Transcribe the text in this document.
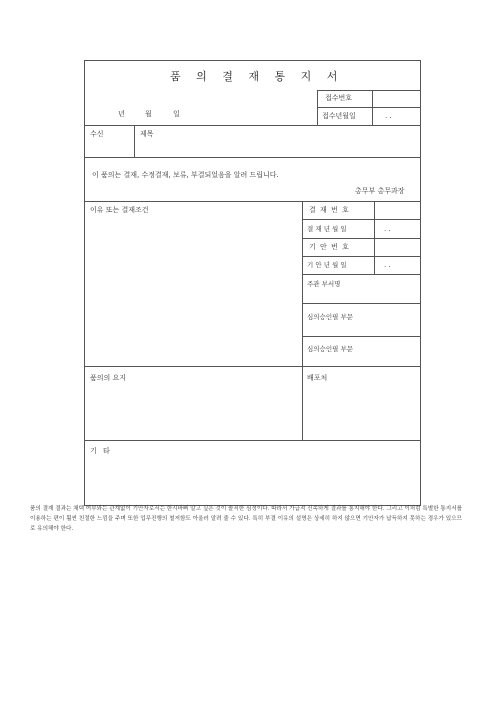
품 의 결 재 통 지 서
년	월	일
접수번호
접수년월일	. .
수신	제목
이 품의는 결재, 수정결재, 보류, 부결되었음을 알려 드립니다.
총무부 총무과장
이유 또는 결재조건	결 재 번 호
결 재 년 월 일	. .
기 안 번 호
기 안 년 월 일	. .
주관 부서명
심의승인필 부문
심의승인필 부문
품의의 요지	배포처
기 타
품의 결재 결과는 채택 여부와는 관계없이 기안자로서는 한시바삐 알고 싶은 것이 솔직한 심정이다. 따라서 가급적 신속하게 결과를 통지해야 한다. 그리고 이처럼 특별한 통지서를 이용하는 편이 훨씬 친절한 느낌을 주며 또한 업무진행의 철저함도 아울러 알려 줄 수 있다. 특히 부결 이유의 설명은 상세히 하지 않으면 기안자가 납득하지 못하는 경우가 있으므로 유의해야 한다.
